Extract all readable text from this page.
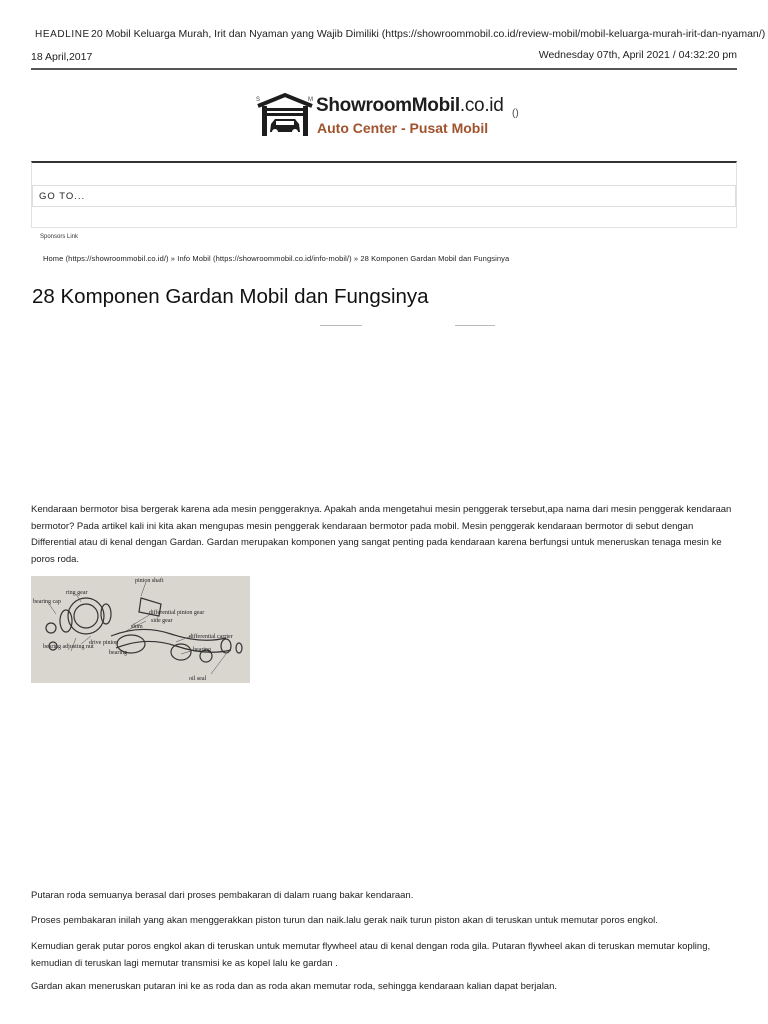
HEADLINE 20 Mobil Keluarga Murah, Irit dan Nyaman yang Wajib Dimiliki (https://showroommobil.co.id/review-mobil/mobil-keluarga-murah-irit-dan-nyaman/)
18 April,2017	Wednesday 07th, April 2021 / 04:32:20 pm
S	M ShowroomMobil.co.id
Auto Center - Pusat Mobil
()
GO TO...
Sponsors Link
Home (https://showroommobil.co.id/) » Info Mobil (https://showroommobil.co.id/info-mobil/) » 28 Komponen Gardan Mobil dan Fungsinya
28 Komponen Gardan Mobil dan Fungsinya

Kendaraan bermotor bisa bergerak karena ada mesin penggeraknya. Apakah anda mengetahui mesin penggerak tersebut,apa nama dari mesin penggerak kendaraan bermotor? Pada artikel kali ini kita akan mengupas mesin penggerak kendaraan bermotor pada mobil. Mesin penggerak kendaraan bermotor di sebut dengan Differential atau di kenal dengan Gardan. Gardan merupakan komponen yang sangat penting pada kendaraan karena berfungsi untuk meneruskan tenaga mesin ke poros roda.

pinion shaft
ring gear
bearing cap
differential pinion gear
side gear
shim
differential carrier
bearing
drive pinion
bearing adjusting nut
bearing
oil seal

Putaran roda semuanya berasal dari proses pembakaran di dalam ruang bakar kendaraan.

Proses pembakaran inilah yang akan menggerakkan piston turun dan naik.lalu gerak naik turun piston akan di teruskan untuk memutar poros engkol.

Kemudian gerak putar poros engkol akan di teruskan untuk memutar flywheel atau di kenal dengan roda gila. Putaran flywheel akan di teruskan memutar kopling, kemudian di teruskan lagi memutar transmisi ke as kopel lalu ke gardan .

Gardan akan meneruskan putaran ini ke as roda dan as roda akan memutar roda, sehingga kendaraan kalian dapat berjalan.
